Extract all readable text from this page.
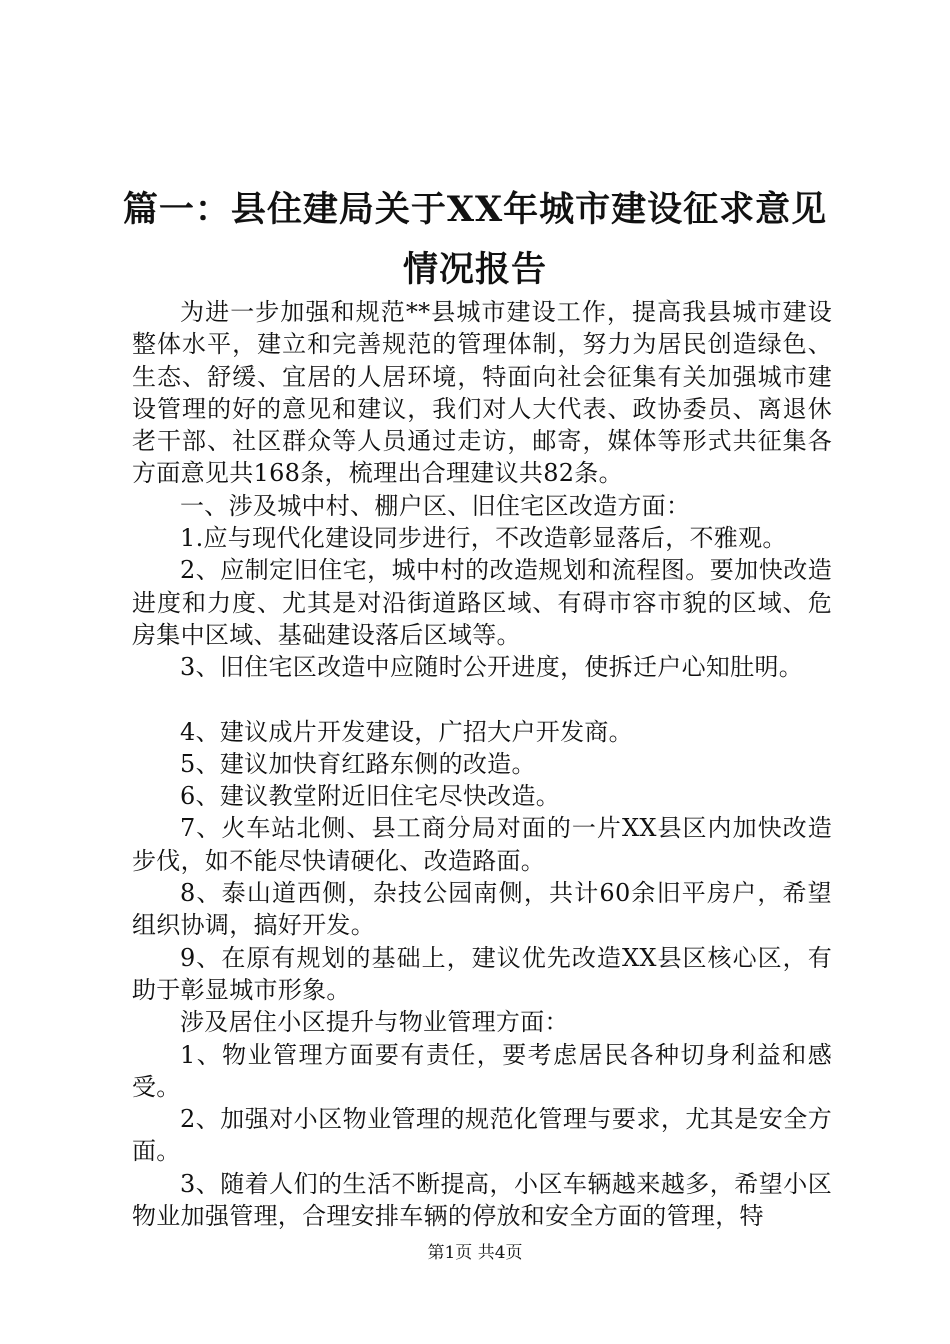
篇一：县住建局关于XX年城市建设征求意见
情况报告

为进一步加强和规范**县城市建设工作，提高我县城市建设整体水平，建立和完善规范的管理体制，努力为居民创造绿色、生态、舒缓、宜居的人居环境，特面向社会征集有关加强城市建设管理的好的意见和建议，我们对人大代表、政协委员、离退休老干部、社区群众等人员通过走访，邮寄，媒体等形式共征集各方面意见共168条，梳理出合理建议共82条。

一、涉及城中村、棚户区、旧住宅区改造方面：

1.应与现代化建设同步进行，不改造彰显落后，不雅观。

2、应制定旧住宅，城中村的改造规划和流程图。要加快改造进度和力度、尤其是对沿街道路区域、有碍市容市貌的区域、危房集中区域、基础建设落后区域等。

3、旧住宅区改造中应随时公开进度，使拆迁户心知肚明。

4、建议成片开发建设，广招大户开发商。

5、建议加快育红路东侧的改造。

6、建议教堂附近旧住宅尽快改造。

7、火车站北侧、县工商分局对面的一片XX县区内加快改造步伐，如不能尽快请硬化、改造路面。

8、泰山道西侧，杂技公园南侧，共计60余旧平房户，希望组织协调，搞好开发。

9、在原有规划的基础上，建议优先改造XX县区核心区，有助于彰显城市形象。

涉及居住小区提升与物业管理方面：

1、物业管理方面要有责任，要考虑居民各种切身利益和感受。

2、加强对小区物业管理的规范化管理与要求，尤其是安全方面。

3、随着人们的生活不断提高，小区车辆越来越多，希望小区物业加强管理，合理安排车辆的停放和安全方面的管理，特

第1页 共4页
